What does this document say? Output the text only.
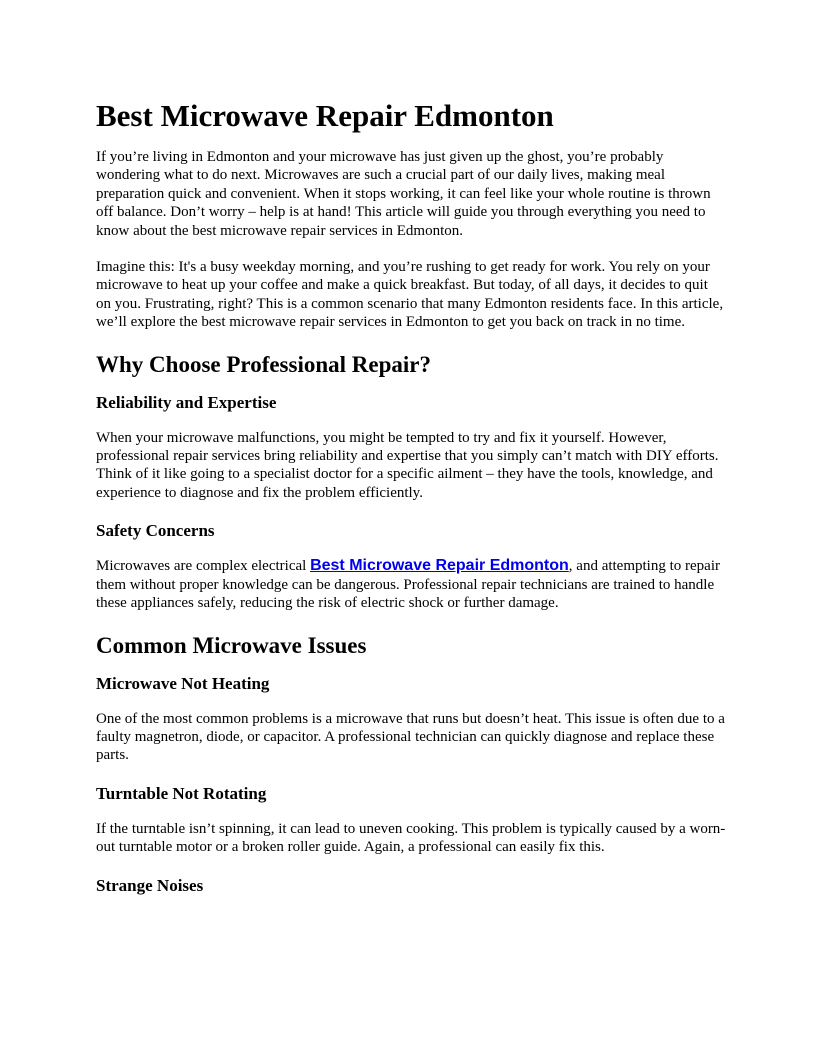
Best Microwave Repair Edmonton

If you’re living in Edmonton and your microwave has just given up the ghost, you’re probably wondering what to do next. Microwaves are such a crucial part of our daily lives, making meal preparation quick and convenient. When it stops working, it can feel like your whole routine is thrown off balance. Don’t worry – help is at hand! This article will guide you through everything you need to know about the best microwave repair services in Edmonton.

Imagine this: It's a busy weekday morning, and you’re rushing to get ready for work. You rely on your microwave to heat up your coffee and make a quick breakfast. But today, of all days, it decides to quit on you. Frustrating, right? This is a common scenario that many Edmonton residents face. In this article, we’ll explore the best microwave repair services in Edmonton to get you back on track in no time.

Why Choose Professional Repair?
Reliability and Expertise

When your microwave malfunctions, you might be tempted to try and fix it yourself. However, professional repair services bring reliability and expertise that you simply can’t match with DIY efforts. Think of it like going to a specialist doctor for a specific ailment – they have the tools, knowledge, and experience to diagnose and fix the problem efficiently.

Safety Concerns

Microwaves are complex electrical Best Microwave Repair Edmonton, and attempting to repair them without proper knowledge can be dangerous. Professional repair technicians are trained to handle these appliances safely, reducing the risk of electric shock or further damage.

Common Microwave Issues
Microwave Not Heating

One of the most common problems is a microwave that runs but doesn’t heat. This issue is often due to a faulty magnetron, diode, or capacitor. A professional technician can quickly diagnose and replace these parts.

Turntable Not Rotating

If the turntable isn’t spinning, it can lead to uneven cooking. This problem is typically caused by a worn-out turntable motor or a broken roller guide. Again, a professional can easily fix this.

Strange Noises
